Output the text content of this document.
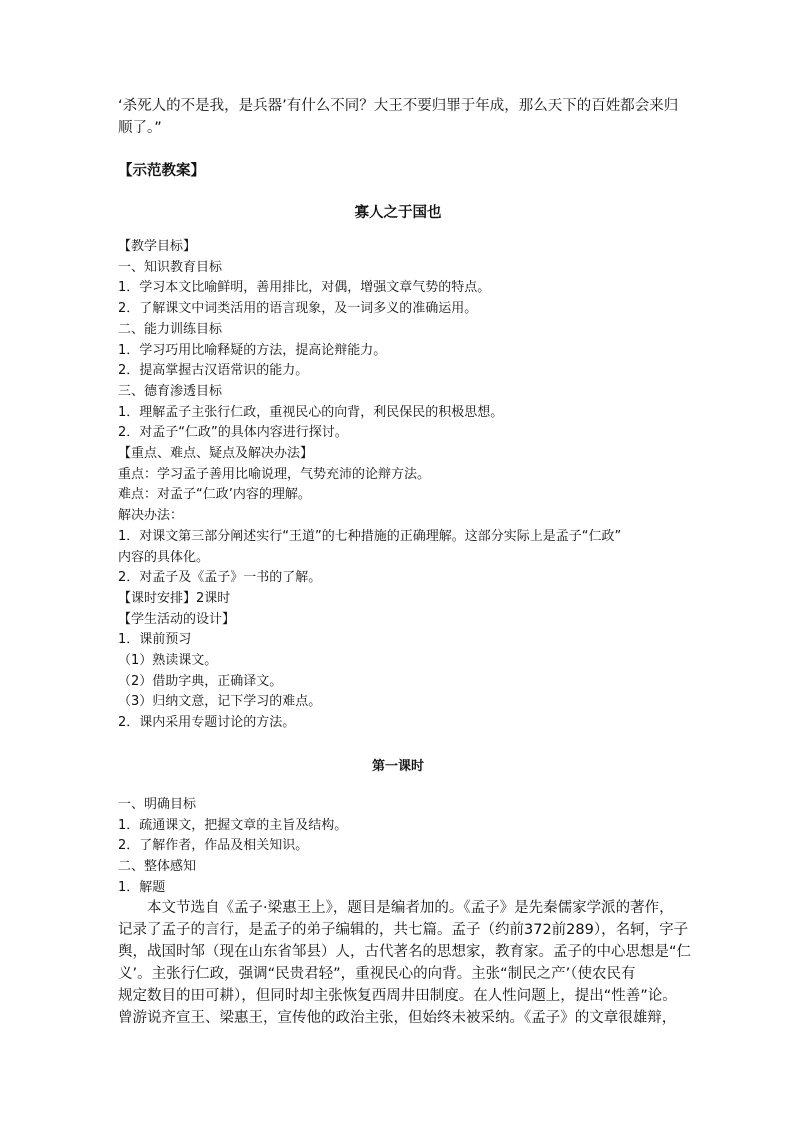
‘杀死人的不是我，是兵器’有什么不同？大王不要归罪于年成，那么天下的百姓都会来归

顺了。”

【示范教案】

寡人之于国也

【教学目标】

一、知识教育目标

1．学习本文比喻鲜明，善用排比，对偶，增强文章气势的特点。

2．了解课文中词类活用的语言现象，及一词多义的准确运用。

二、能力训练目标

1．学习巧用比喻释疑的方法，提高论辩能力。

2．提高掌握古汉语常识的能力。

三、德育渗透目标

1．理解孟子主张行仁政，重视民心的向背，利民保民的积极思想。

2．对孟子“仁政”的具体内容进行探讨。

【重点、难点、疑点及解决办法】

重点：学习孟子善用比喻说理，气势充沛的论辩方法。

难点：对孟子“仁政’内容的理解。

解决办法：

1．对课文第三部分阐述实行“王道”的七种措施的正确理解。这部分实际上是孟子“仁政”

内容的具体化。

2．对孟子及《孟子》一书的了解。

【课时安排】2课时

【学生活动的设计】

1．课前预习

（1）熟读课文。

（2）借助字典，正确译文。

（3）归纳文意，记下学习的难点。

2．课内采用专题讨论的方法。

第一课时

一、明确目标

1．疏通课文，把握文章的主旨及结构。

2．了解作者，作品及相关知识。

二、整体感知

1．解题

本文节选自《孟子·梁惠王上》，题目是编者加的。《孟子》是先秦儒家学派的著作，

记录了孟子的言行，是孟子的弟子编辑的，共七篇。孟子（约前372前289），名轲，字子

舆，战国时邹（现在山东省邹县）人，古代著名的思想家，教育家。孟子的中心思想是“仁

义’。主张行仁政，强调“民贵君轻”，重视民心的向背。主张“制民之产’（使农民有

规定数目的田可耕），但同时却主张恢复西周井田制度。在人性问题上，提出“性善”论。

曾游说齐宣王、梁惠王，宣传他的政治主张，但始终未被采纳。《孟子》的文章很雄辩，
